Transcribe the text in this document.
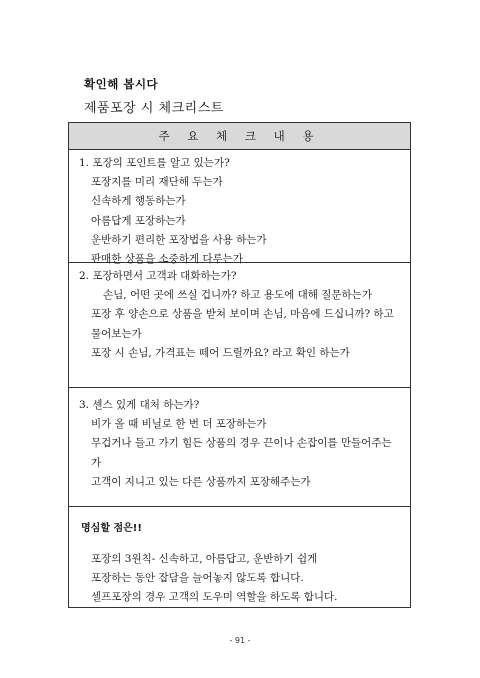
확인해 봅시다
제품포장 시 체크리스트
주 요 체 크 내 용
1. 포장의 포인트를 알고 있는가?
포장지를 미리 재단해 두는가
신속하게 행동하는가
아름답게 포장하는가
운반하기 편리한 포장법을 사용 하는가
판매한 상품을 소중하게 다루는가
2. 포장하면서 고객과 대화하는가?
손님, 어떤 곳에 쓰실 겁니까? 하고 용도에 대해 질문하는가
포장 후 양손으로 상품을 받쳐 보이며 손님, 마음에 드십니까? 하고 물어보는가
포장 시 손님, 가격표는 떼어 드릴까요? 라고 확인 하는가
3. 센스 있게 대처 하는가?
비가 올 때 비닐로 한 번 더 포장하는가
무겁거나 들고 가기 힘든 상품의 경우 끈이나 손잡이를 만들어주는가
고객이 지니고 있는 다른 상품까지 포장해주는가
명심할 점은!!
포장의 3원칙- 신속하고, 아름답고, 운반하기 쉽게
포장하는 동안 잡담을 늘어놓지 않도록 합니다.
셀프포장의 경우 고객의 도우미 역할을 하도록 합니다.
- 91 -
